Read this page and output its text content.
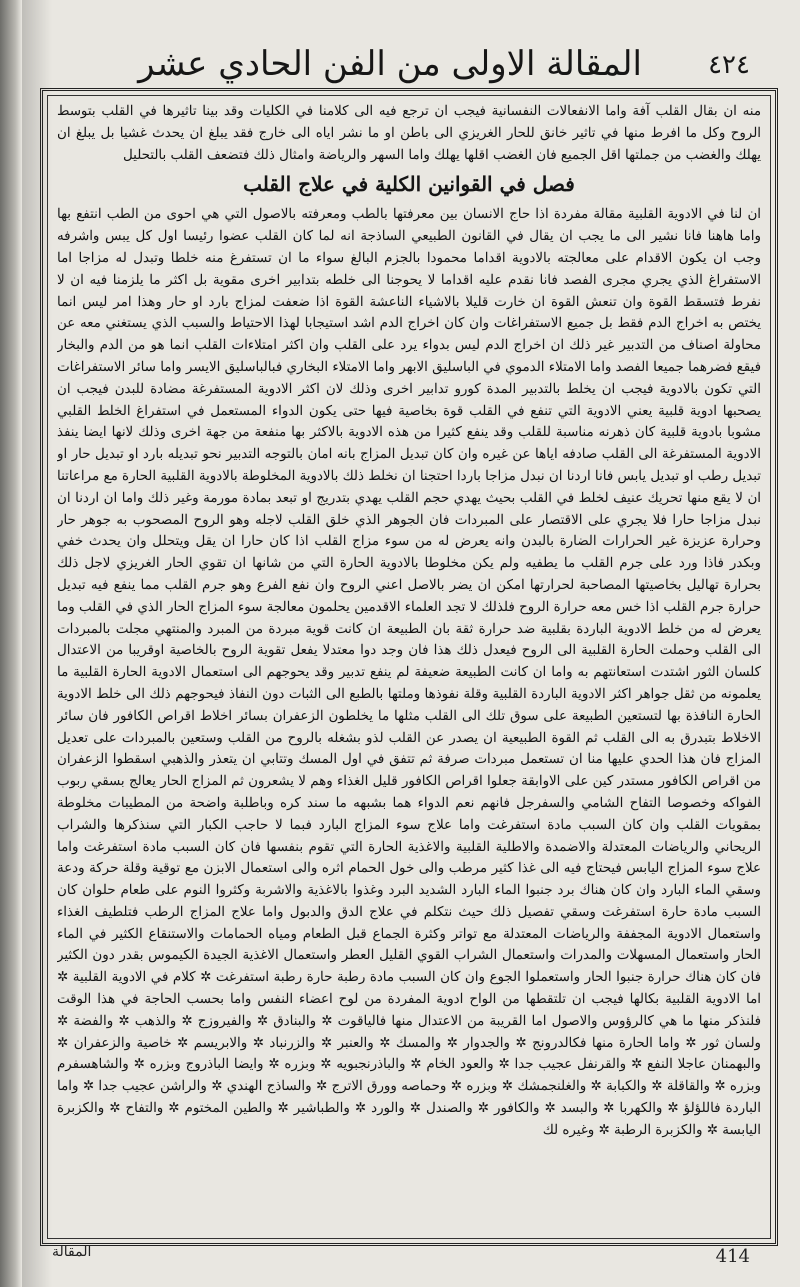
المقالة الاولى من الفن الحادي عشر	٤٢٤

منه ان بقال القلب آفة واما الانفعالات النفسانية فيجب ان ترجع فيه الى كلامنا في الكليات وقد بينا تاثيرها في القلب بتوسط الروح وكل ما افرط منها في تاثير خانق للحار الغريزي الى باطن او ما نشر اياه الى خارج فقد يبلغ ان يحدث غشيا بل يبلغ ان يهلك والغضب من جملتها اقل الجميع فان الغضب اقلها يهلك واما السهر والرياضة وامثال ذلك فتضعف القلب بالتحليل

فصل في القوانين الكلية في علاج القلب

ان لنا في الادوية القلبية مقالة مفردة اذا حاج الانسان بين معرفتها بالطب ومعرفته بالاصول التي هي احوى من الطب انتفع بها واما هاهنا فانا نشير الى ما يجب ان يقال في القانون الطبيعي الساذجة انه لما كان القلب عضوا رئيسا اول كل يبس واشرفه وجب ان يكون الاقدام على معالجته بالادوية اقداما محمودا بالجزم البالغ سواء ما ان تستفرغ منه خلطا وتبدل له مزاجا اما الاستفراغ الذي يجري مجرى الفصد فانا نقدم عليه اقداما لا يحوجنا الى خلطه بتدابير اخرى مقوية بل اكثر ما يلزمنا فيه ان لا نفرط فتسقط القوة وان تنعش القوة ان خارت قليلا بالاشياء الناعشة القوة اذا ضعفت لمزاج بارد او حار وهذا امر ليس انما يختص به اخراج الدم فقط بل جميع الاستفراغات وان كان اخراج الدم اشد استيجابا لهذا الاحتياط والسبب الذي يستغني معه عن محاولة اصناف من التدبير غير ذلك ان اخراج الدم ليس بدواء يرد على القلب وان اكثر امتلاءات القلب انما هو من الدم والبخار فيقع فضرهما جميعا الفصد واما الامتلاء الدموي في الباسليق الابهر واما الامتلاء البخاري فبالباسليق الايسر واما سائر الاستفراغات التي تكون بالادوية فيجب ان يخلط بالتدبير المدة كورو تدابير اخرى وذلك لان اكثر الادوية المستفرغة مضادة للبدن فيجب ان يصحبها ادوية قلبية يعني الادوية التي تنفع في القلب قوة بخاصية فيها حتى يكون الدواء المستعمل في استفراغ الخلط القلبي مشوبا بادوية قلبية كان ذهرنه مناسبة للقلب وقد ينفع كثيرا من هذه الادوية بالاكثر بها منفعة من جهة اخرى وذلك لانها ايضا ينفذ الادوية المستفرغة الى القلب صادفه اياها عن غيره وان كان تبديل المزاج بانه امان بالتوجه التدبير نحو تبديله بارد او تبديل حار او تبديل رطب او تبديل يابس فانا اردنا ان نبدل مزاجا باردا احتجنا ان نخلط ذلك بالادوية المخلوطة بالادوية القلبية الحارة مع مراعاتنا ان لا يقع منها تحريك عنيف لخلط في القلب بحيث يهدي حجم القلب يهدي بتدريج او تبعد بمادة مورمة وغير ذلك واما ان اردنا ان نبدل مزاجا حارا فلا يجري على الاقتصار على المبردات فان الجوهر الذي خلق القلب لاجله وهو الروح المصحوب به جوهر حار وحرارة عزيزة غير الحرارات الضارة بالبدن وانه يعرض له من سوء مزاج القلب اذا كان حارا ان يقل ويتحلل وان يحدث خفي وبكدر فاذا ورد على جرم القلب ما يطفيه ولم يكن مخلوطا بالادوية الحارة التي من شانها ان تقوي الحار الغريزي لاجل ذلك بحرارة تهاليل بخاصيتها المصاحبة لحرارتها امكن ان يضر بالاصل اعني الروح وان نفع الفرع وهو جرم القلب مما ينفع فيه تبديل حرارة جرم القلب اذا خس معه حرارة الروح فلذلك لا تجد العلماء الاقدمين يحلمون معالجة سوء المزاج الحار الذي في القلب وما يعرض له من خلط الادوية الباردة بقلبية ضد حرارة ثقة بان الطبيعة ان كانت قوية مبردة من المبرد والمنتهي مجلت بالمبردات الى القلب وحملت الحارة القلبية الى الروح فيعدل ذلك هذا فان وجد دوا معتدلا يفعل تقوية الروح بالخاصية اوقريبا من الاعتدال كلسان الثور اشتدت استعانتهم به واما ان كانت الطبيعة ضعيفة لم ينفع تدبير وقد يحوجهم الى استعمال الادوية الحارة القلبية ما يعلمونه من ثقل جواهر اكثر الادوية الباردة القلبية وقلة نفوذها وملتها بالطبع الى الثبات دون النفاذ فيحوجهم ذلك الى خلط الادوية الحارة النافذة بها لتستعين الطبيعة على سوق تلك الى القلب مثلها ما يخلطون الزعفران بسائر اخلاط اقراص الكافور فان سائر الاخلاط بتبدرق به الى القلب ثم القوة الطبيعية ان يصدر عن القلب لذو بشغله بالروح من القلب وستعين بالمبردات على تعديل المزاج فان هذا الحدي عليها منا ان تستعمل مبردات صرفة ثم تتفق في اول المسك وتتابي ان يتعذر والذهبي اسقطوا الزعفران من اقراص الكافور مستدر كين على الاوابقة جعلوا اقراص الكافور قليل الغذاء وهم لا يشعرون ثم المزاج الحار يعالج بسقي ربوب الفواكه وخصوصا التفاح الشامي والسفرجل فانهم نعم الدواء هما بشبهه ما سند كره وباطلبة واضحة من المطيبات مخلوطة بمقويات القلب وان كان السبب مادة استفرغت واما علاج سوء المزاج البارد فبما لا حاجب الكبار التي سنذكرها والشراب الريحاني والرياضات المعتدلة والاضمدة والاطلية القلبية والاغذية الحارة التي تقوم بنفسها فان كان السبب مادة استفرغت واما علاج سوء المزاج اليابس فيحتاج فيه الى غذا كثير مرطب والى خول الحمام اثره والى استعمال الابزن مع توقية وقلة حركة ودعة وسقي الماء البارد وان كان هناك برد جنبوا الماء البارد الشديد البرد وغذوا بالاغذية والاشربة وكثروا النوم على طعام حلوان كان السبب مادة حارة استفرغت وسقي تفصيل ذلك حيث نتكلم في علاج الدق والدبول واما علاج المزاج الرطب فتلطيف الغذاء واستعمال الادوية المجففة والرياضات المعتدلة مع تواتر وكثرة الجماع قبل الطعام ومياه الحمامات والاستنقاع الكثير في الماء الحار واستعمال المسهلات والمدرات واستعمال الشراب القوي القليل العطر واستعمال الاغذية الجيدة الكيموس بقدر دون الكثير فان كان هناك حرارة جنبوا الحار واستعملوا الجوع وان كان السبب مادة رطبة حارة رطبة استفرغت ✲ كلام في الادوية القلبية ✲ اما الادوية القلبية بكالها فيجب ان تلتقطها من الواح ادوية المفردة من لوح اعضاء النفس واما بحسب الحاجة في هذا الوقت فلنذكر منها ما هي كالرؤوس والاصول اما القريبة من الاعتدال منها فالياقوت ✲ والبنادق ✲ والفيروزج ✲ والذهب ✲ والفضة ✲ ولسان ثور ✲ واما الحارة منها فكالدرونج ✲ والجدوار ✲ والمسك ✲ والعنبر ✲ والزرنباد ✲ والابريسم ✲ خاصية والزعفران ✲ والبهمنان عاجلا النفع ✲ والقرنفل عجيب جدا ✲ والعود الخام ✲ والباذرنجبويه ✲ وبزره ✲ وايضا الباذروج وبزره ✲ والشاهسفرم وبزره ✲ والقاقلة ✲ والكبابة ✲ والغلنجمشك ✲ وبزره ✲ وحماصه وورق الاترج ✲ والساذج الهندي ✲ والراشن عجيب جدا ✲ واما الباردة فاللؤلؤ ✲ والكهربا ✲ والبسد ✲ والكافور ✲ والصندل ✲ والورد ✲ والطباشير ✲ والطين المختوم ✲ والتفاح ✲ والكزبرة اليابسة ✲ والكزبرة الرطبة ✲ وغيره لك

المقالة	414
